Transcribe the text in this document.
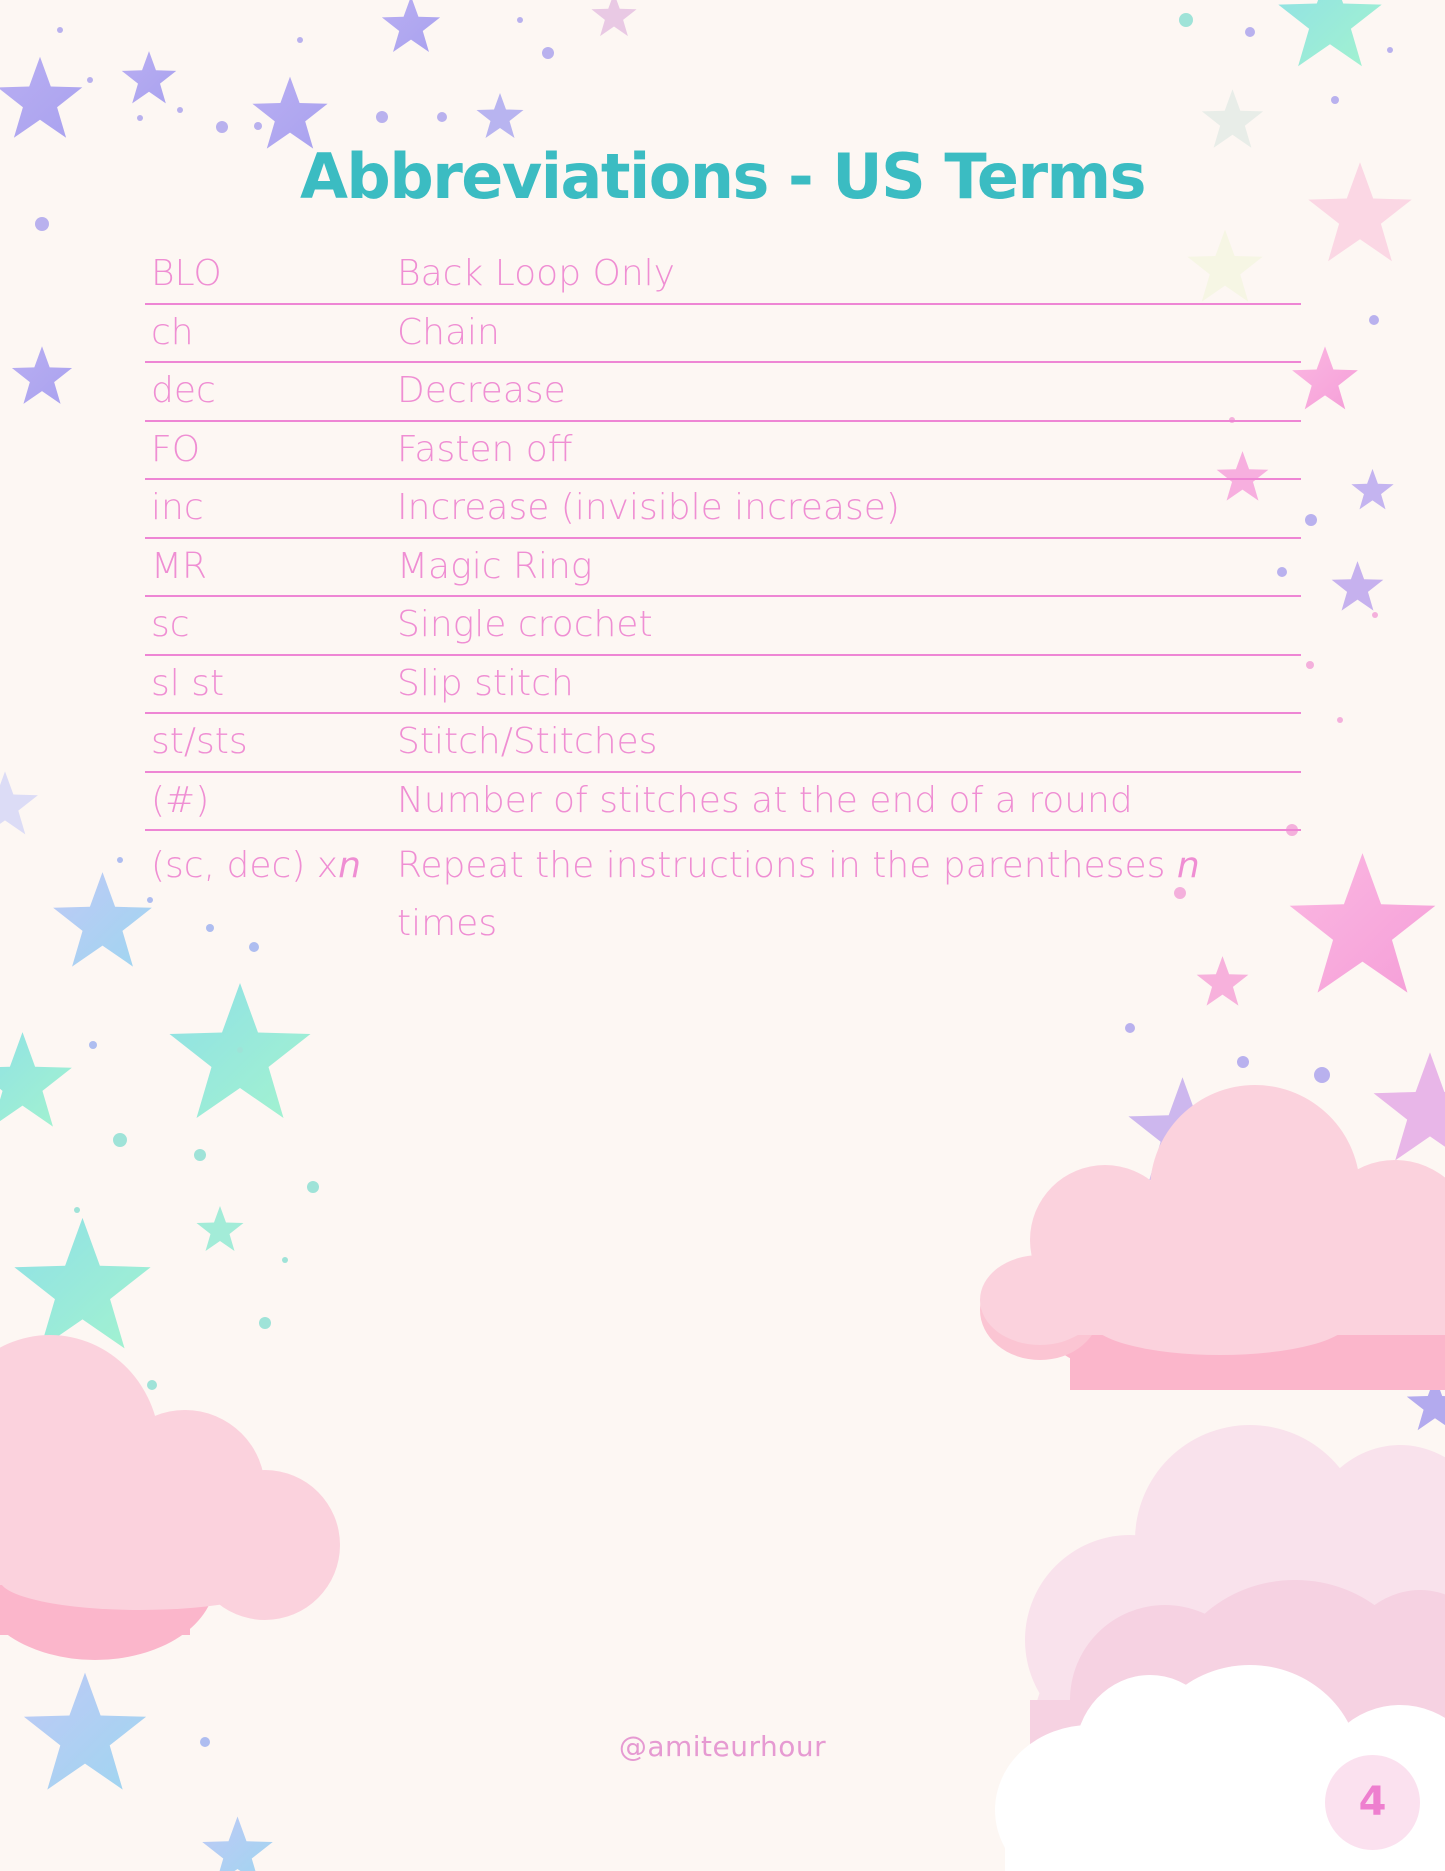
Abbreviations - US Terms
BLO	Back Loop Only
ch	Chain
dec	Decrease
FO	Fasten off
inc	Increase (invisible increase)
MR	Magic Ring
sc	Single crochet
sl st	Slip stitch
st/sts	Stitch/Stitches
(#)	Number of stitches at the end of a round
(sc, dec) xn	Repeat the instructions in the parentheses n times
@amiteurhour
4
